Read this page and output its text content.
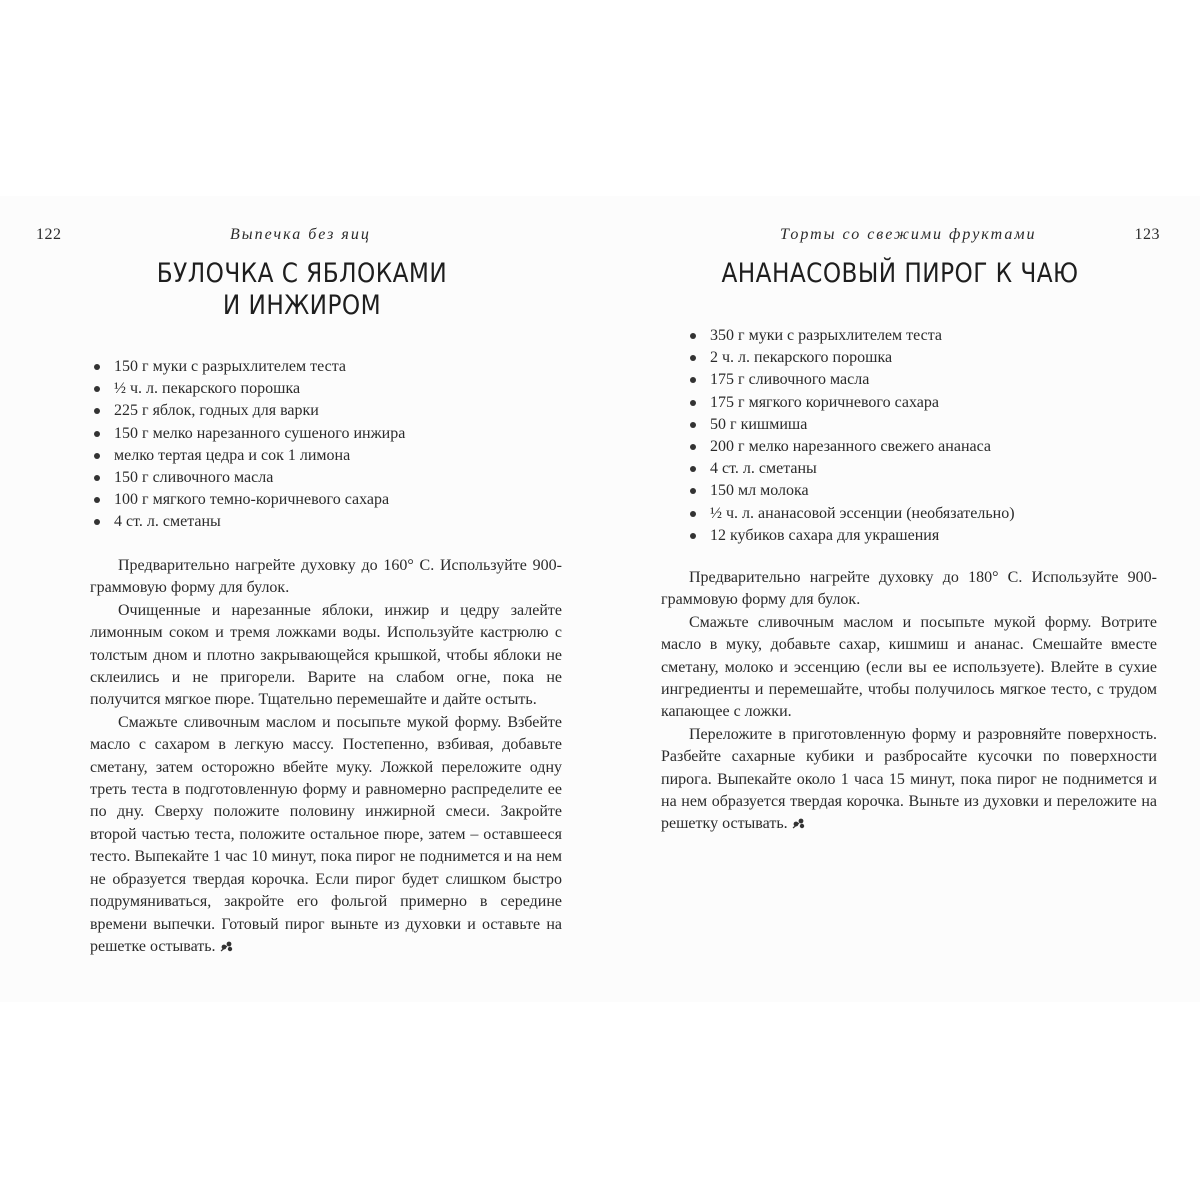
122	Выпечка без яиц
БУЛОЧКА С ЯБЛОКАМИ
И ИНЖИРОМ
150 г муки с разрыхлителем теста
½ ч. л. пекарского порошка
225 г яблок, годных для варки
150 г мелко нарезанного сушеного инжира
мелко тертая цедра и сок 1 лимона
150 г сливочного масла
100 г мягкого темно-коричневого сахара
4 ст. л. сметаны

Предварительно нагрейте духовку до 160° С. Используйте 900-граммовую форму для булок.

Очищенные и нарезанные яблоки, инжир и цедру залейте лимонным соком и тремя ложками воды. Используйте кастрюлю с толстым дном и плотно закрывающейся крышкой, чтобы яблоки не склеились и не пригорели. Варите на слабом огне, пока не получится мягкое пюре. Тщательно перемешайте и дайте остыть.

Смажьте сливочным маслом и посыпьте мукой форму. Взбейте масло с сахаром в легкую массу. Постепенно, взбивая, добавьте сметану, затем осторожно вбейте муку. Ложкой переложите одну треть теста в подготовленную форму и равномерно распределите ее по дну. Сверху положите половину инжирной смеси. Закройте второй частью теста, положите остальное пюре, затем – оставшееся тесто. Выпекайте 1 час 10 минут, пока пирог не поднимется и на нем не образуется твердая корочка. Если пирог будет слишком быстро подрумяниваться, закройте его фольгой примерно в середине времени выпечки. Готовый пирог выньте из духовки и оставьте на решетке остывать.

Торты со свежими фруктами	123
АНАНАСОВЫЙ ПИРОГ К ЧАЮ
350 г муки с разрыхлителем теста
2 ч. л. пекарского порошка
175 г сливочного масла
175 г мягкого коричневого сахара
50 г кишмиша
200 г мелко нарезанного свежего ананаса
4 ст. л. сметаны
150 мл молока
½ ч. л. ананасовой эссенции (необязательно)
12 кубиков сахара для украшения

Предварительно нагрейте духовку до 180° С. Используйте 900-граммовую форму для булок.

Смажьте сливочным маслом и посыпьте мукой форму. Вотрите масло в муку, добавьте сахар, кишмиш и ананас. Смешайте вместе сметану, молоко и эссенцию (если вы ее используете). Влейте в сухие ингредиенты и перемешайте, чтобы получилось мягкое тесто, с трудом капающее с ложки.

Переложите в приготовленную форму и разровняйте поверхность. Разбейте сахарные кубики и разбросайте кусочки по поверхности пирога. Выпекайте около 1 часа 15 минут, пока пирог не поднимется и на нем образуется твердая корочка. Выньте из духовки и переложите на решетку остывать.
